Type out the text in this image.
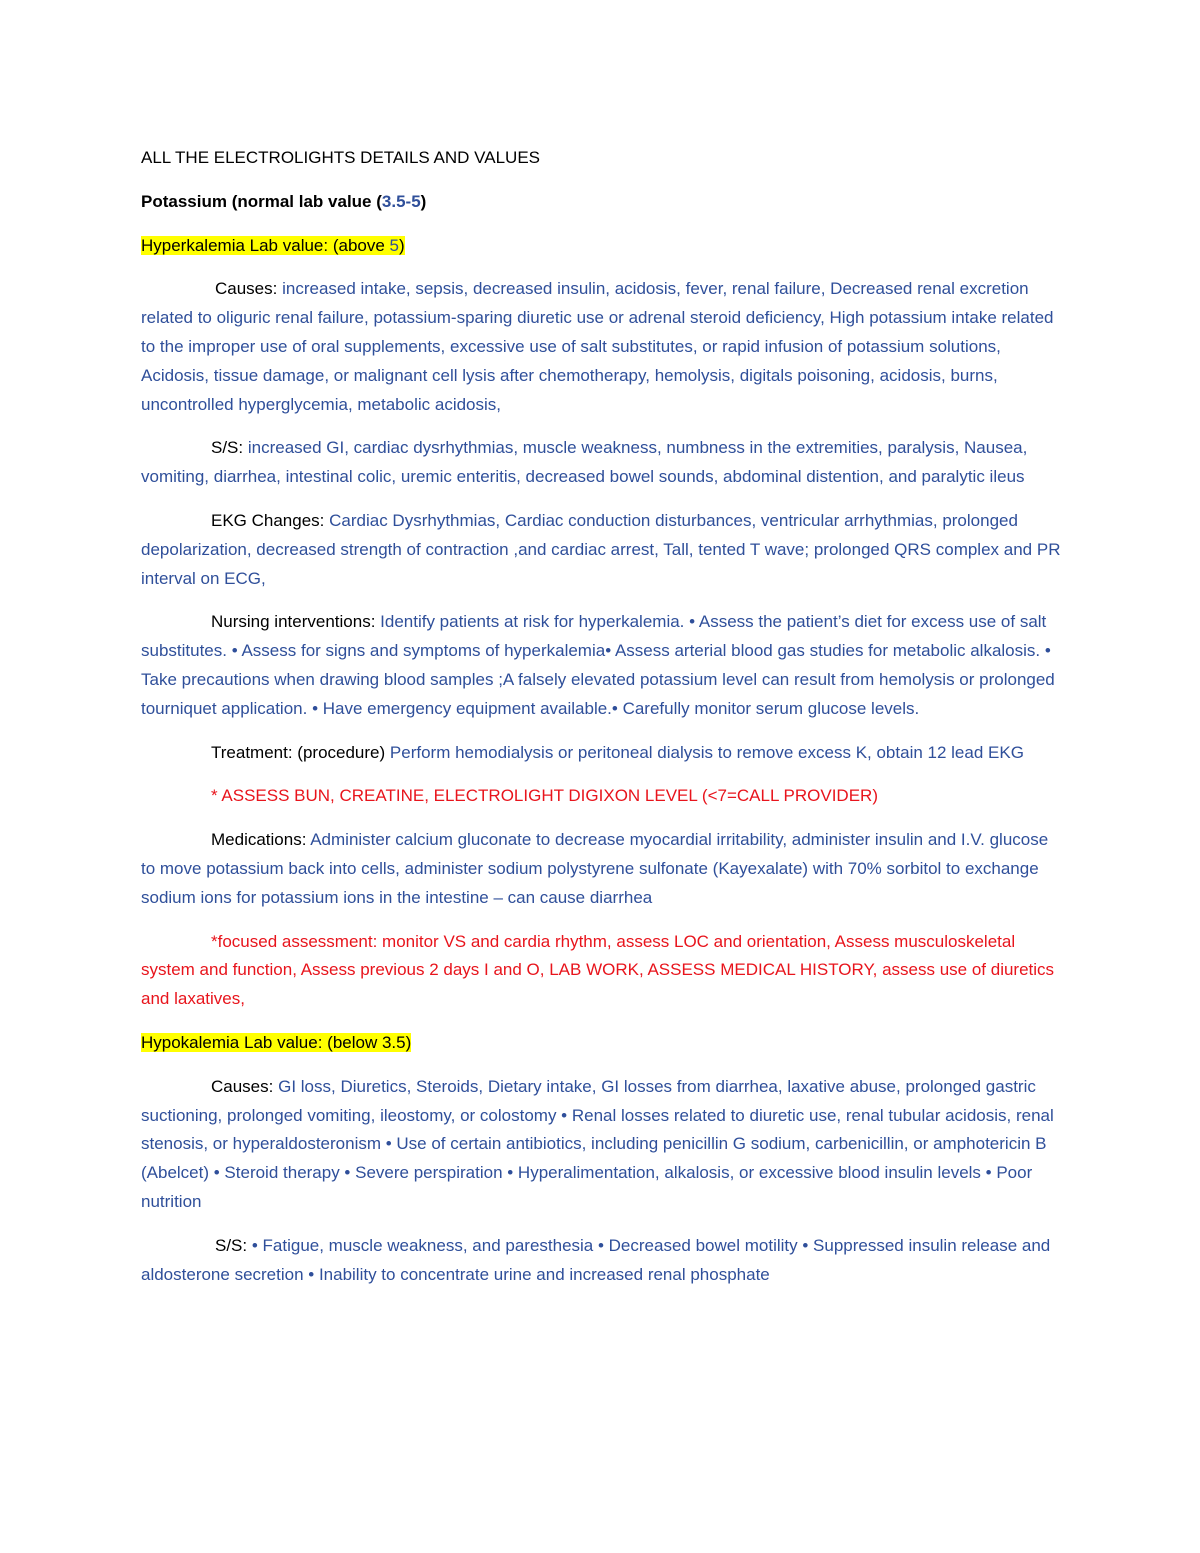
ALL THE ELECTROLIGHTS DETAILS AND VALUES

Potassium (normal lab value (3.5-5)

Hyperkalemia Lab value: (above 5)

Causes: increased intake, sepsis, decreased insulin, acidosis, fever, renal failure, Decreased renal excretion related to oliguric renal failure, potassium-sparing diuretic use or adrenal steroid deficiency, High potassium intake related to the improper use of oral supplements, excessive use of salt substitutes, or rapid infusion of potassium solutions, Acidosis, tissue damage, or malignant cell lysis after chemotherapy, hemolysis, digitals poisoning, acidosis, burns, uncontrolled hyperglycemia, metabolic acidosis,

S/S: increased GI, cardiac dysrhythmias, muscle weakness, numbness in the extremities, paralysis, Nausea, vomiting, diarrhea, intestinal colic, uremic enteritis, decreased bowel sounds, abdominal distention, and paralytic ileus

EKG Changes: Cardiac Dysrhythmias, Cardiac conduction disturbances, ventricular arrhythmias, prolonged depolarization, decreased strength of contraction ,and cardiac arrest, Tall, tented T wave; prolonged QRS complex and PR interval on ECG,

Nursing interventions: Identify patients at risk for hyperkalemia. • Assess the patient’s diet for excess use of salt substitutes. • Assess for signs and symptoms of hyperkalemia• Assess arterial blood gas studies for metabolic alkalosis. • Take precautions when drawing blood samples ;A falsely elevated potassium level can result from hemolysis or prolonged tourniquet application. • Have emergency equipment available.• Carefully monitor serum glucose levels.

Treatment: (procedure) Perform hemodialysis or peritoneal dialysis to remove excess K, obtain 12 lead EKG

* ASSESS BUN, CREATINE, ELECTROLIGHT DIGIXON LEVEL (<7=CALL PROVIDER)

Medications: Administer calcium gluconate to decrease myocardial irritability, administer insulin and I.V. glucose to move potassium back into cells, administer sodium polystyrene sulfonate (Kayexalate) with 70% sorbitol to exchange sodium ions for potassium ions in the intestine – can cause diarrhea

*focused assessment: monitor VS and cardia rhythm, assess LOC and orientation, Assess musculoskeletal system and function, Assess previous 2 days I and O, LAB WORK, ASSESS MEDICAL HISTORY, assess use of diuretics and laxatives,

Hypokalemia Lab value: (below 3.5)

Causes: GI loss, Diuretics, Steroids, Dietary intake, GI losses from diarrhea, laxative abuse, prolonged gastric suctioning, prolonged vomiting, ileostomy, or colostomy • Renal losses related to diuretic use, renal tubular acidosis, renal stenosis, or hyperaldosteronism • Use of certain antibiotics, including penicillin G sodium, carbenicillin, or amphotericin B (Abelcet) • Steroid therapy • Severe perspiration • Hyperalimentation, alkalosis, or excessive blood insulin levels • Poor nutrition

S/S: • Fatigue, muscle weakness, and paresthesia • Decreased bowel motility • Suppressed insulin release and aldosterone secretion • Inability to concentrate urine and increased renal phosphate
